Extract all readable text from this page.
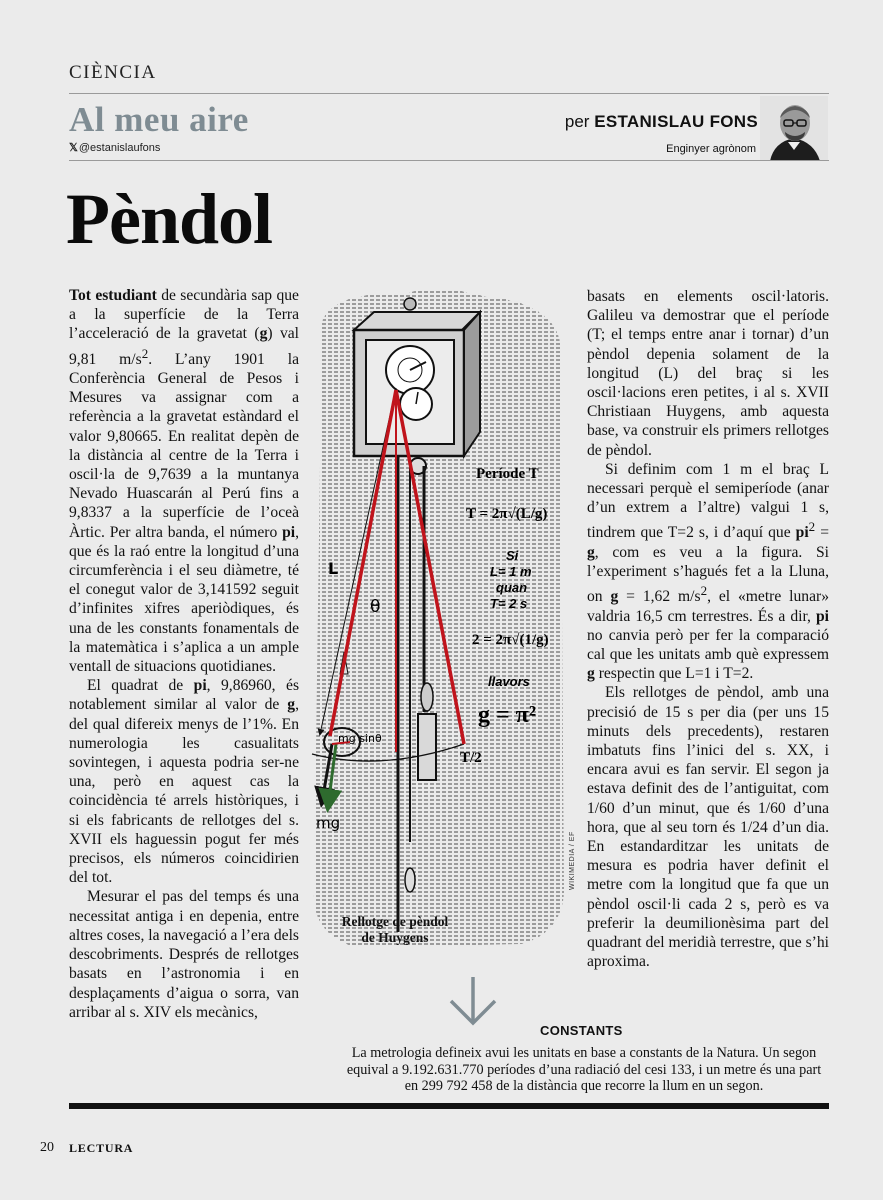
CIÈNCIA
Al meu aire
𝕏@estanislaufons
per ESTANISLAU FONS
Enginyer agrònom
Pèndol

Tot estudiant de secundària sap que a la superfície de la Terra l’acceleració de la gravetat (g) val 9,81 $m/s^2$. L’any 1901 la Conferència General de Pesos i Mesures va assignar com a referència a la gravetat estàndard el valor 9,80665. En realitat depèn de la distància al centre de la Terra i oscil·la de 9,7639 a la muntanya Nevado Huascarán al Perú fins a 9,8337 a la superfície de l’oceà Àrtic. Per altra banda, el número pi, que és la raó entre la longitud d’una circumferència i el seu diàmetre, té el conegut valor de 3,141592 seguit d’infinites xifres aperiòdiques, és una de les constants fonamentals de la matemàtica i s’aplica a un ample ventall de situacions quotidianes.

El quadrat de pi, 9,86960, és notablement similar al valor de g, del qual difereix menys de l’1%. En numerologia les casualitats sovintegen, i aquesta podria ser-ne una, però en aquest cas la coincidència té arrels històriques, i si els fabricants de rellotges del s. XVII els haguessin pogut fer més precisos, els números coincidirien del tot.

Mesurar el pas del temps és una necessitat antiga i en depenia, entre altres coses, la navegació a l’era dels descobriments. Després de rellotges basats en l’astronomia i en desplaçaments d’aigua o sorra, van arribar al s. XIV els mecànics,

L
θ
mg sinθ
T/2
mg
Període T
T = 2π√(L/g)
Si
L= 1 m
quan
T= 2 s
2 = 2π√(1/g)
llavors
g = π²
WIKIMEDIA / EF
Rellotge de pèndol
de Huygens

basats en elements oscil·latoris. Galileu va demostrar que el període (T; el temps entre anar i tornar) d’un pèndol depenia solament de la longitud (L) del braç si les oscil·lacions eren petites, i al s. XVII Christiaan Huygens, amb aquesta base, va construir els primers rellotges de pèndol.

Si definim com 1 m el braç L necessari perquè el semiperíode (anar d’un extrem a l’altre) valgui 1 s, tindrem que T=2 s, i d’aquí que $pi^2 = g$, com es veu a la figura. Si l’experiment s’hagués fet a la Lluna, on g = 1,62 $m/s^2$, el «metre lunar» valdria 16,5 cm terrestres. És a dir, pi no canvia però per fer la comparació cal que les unitats amb què expressem g respectin que L=1 i T=2.

Els rellotges de pèndol, amb una precisió de 15 s per dia (per uns 15 minuts dels precedents), restaren imbatuts fins l’inici del s. XX, i encara avui es fan servir. El segon ja estava definit des de l’antiguitat, com 1/60 d’un minut, que és 1/60 d’una hora, que al seu torn és 1/24 d’un dia. En estandarditzar les unitats de mesura es podria haver definit el metre com la longitud que fa que un pèndol oscil·li cada 2 s, però es va preferir la deumilionèsima part del quadrant del meridià terrestre, que s’hi aproxima.

CONSTANTS
La metrologia defineix avui les unitats en base a constants de la Natura. Un segon equival a 9.192.631.770 períodes d’una radiació del cesi 133, i un metre és una part en 299 792 458 de la distància que recorre la llum en un segon.
20 LECTURA
